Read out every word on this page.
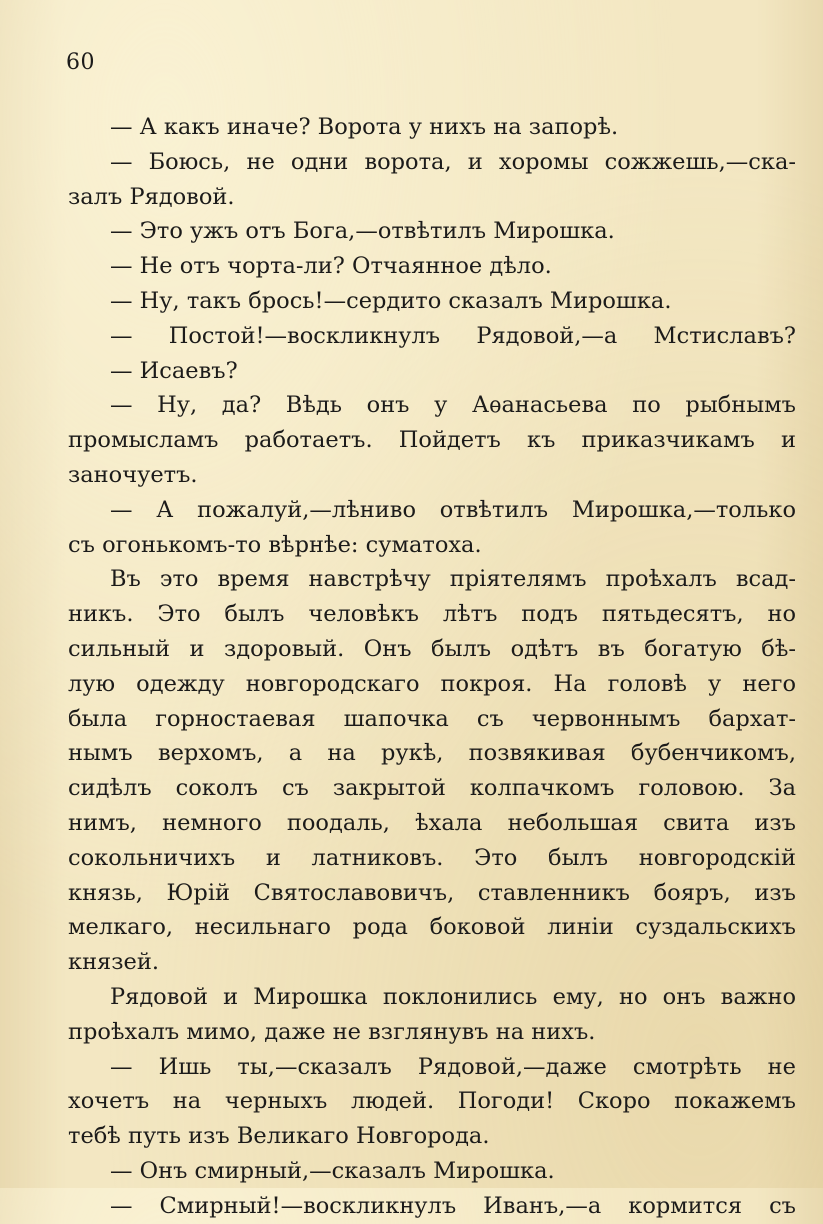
60
— А какъ иначе? Ворота у нихъ на запорѣ.
— Боюсь, не одни ворота, и хоромы сожжешь,—ска-
залъ Рядовой.
— Это ужъ отъ Бога,—отвѣтилъ Мирошка.
— Не отъ чорта-ли? Отчаянное дѣло.
— Ну, такъ брось!—сердито сказалъ Мирошка.
— Постой!—воскликнулъ Рядовой,—а Мстиславъ?
— Исаевъ?
— Ну, да? Вѣдь онъ у Аѳанасьева по рыбнымъ
промысламъ работаетъ. Пойдетъ къ приказчикамъ и
заночуетъ.
— А пожалуй,—лѣниво отвѣтилъ Мирошка,—только
съ огонькомъ-то вѣрнѣе: суматоха.
Въ это время навстрѣчу пріятелямъ проѣхалъ всад-
никъ. Это былъ человѣкъ лѣтъ подъ пятьдесятъ, но
сильный и здоровый. Онъ былъ одѣтъ въ богатую бѣ-
лую одежду новгородскаго покроя. На головѣ у него
была горностаевая шапочка съ червоннымъ бархат-
нымъ верхомъ, а на рукѣ, позвякивая бубенчикомъ,
сидѣлъ соколъ съ закрытой колпачкомъ головою. За
нимъ, немного поодаль, ѣхала небольшая свита изъ
сокольничихъ и латниковъ. Это былъ новгородскій
князь, Юрій Святославовичъ, ставленникъ бояръ, изъ
мелкаго, несильнаго рода боковой линіи суздальскихъ
князей.
Рядовой и Мирошка поклонились ему, но онъ важно
проѣхалъ мимо, даже не взглянувъ на нихъ.
— Ишь ты,—сказалъ Рядовой,—даже смотрѣть не
хочетъ на черныхъ людей. Погоди! Скоро покажемъ
тебѣ путь изъ Великаго Новгорода.
— Онъ смирный,—сказалъ Мирошка.
— Смирный!—воскликнулъ Иванъ,—а кормится съ
